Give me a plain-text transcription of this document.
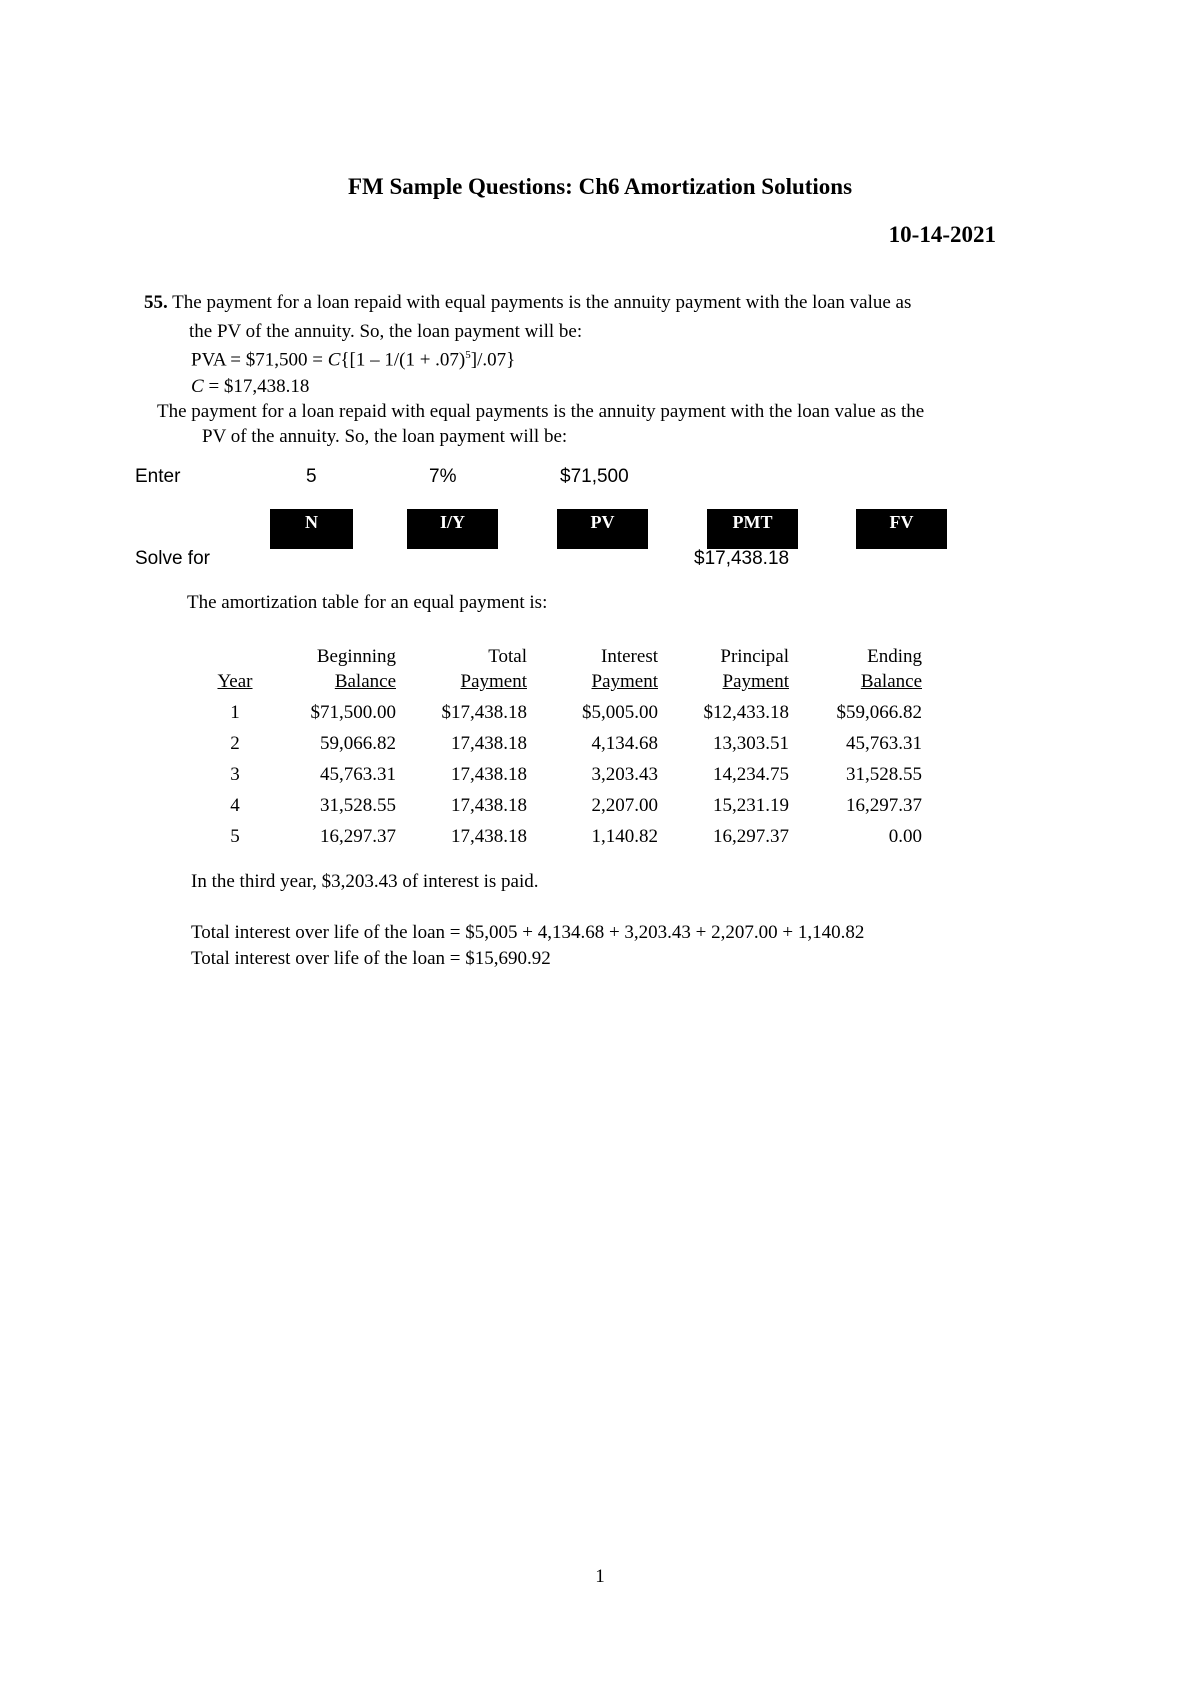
FM Sample Questions: Ch6 Amortization Solutions
10-14-2021
55. The payment for a loan repaid with equal payments is the annuity payment with the loan value as
the PV of the annuity. So, the loan payment will be:
PVA = $71,500 = $C\{[1 - 1/(1 + .07)^5]/.07\}$
C = $17,438.18
The payment for a loan repaid with equal payments is the annuity payment with the loan value as the
PV of the annuity. So, the loan payment will be:
Enter	5	7%	$71,500
N	I/Y	PV	PMT	FV
Solve for	$17,438.18
The amortization table for an equal payment is:
	Beginning	Total	Interest	Principal	Ending
Year	Balance	Payment	Payment	Payment	Balance
1	$71,500.00	$17,438.18	$5,005.00	$12,433.18	$59,066.82
2	59,066.82	17,438.18	4,134.68	13,303.51	45,763.31
3	45,763.31	17,438.18	3,203.43	14,234.75	31,528.55
4	31,528.55	17,438.18	2,207.00	15,231.19	16,297.37
5	16,297.37	17,438.18	1,140.82	16,297.37	0.00
In the third year, $3,203.43 of interest is paid.
Total interest over life of the loan = $5,005 + 4,134.68 + 3,203.43 + 2,207.00 + 1,140.82
Total interest over life of the loan = $15,690.92
1
